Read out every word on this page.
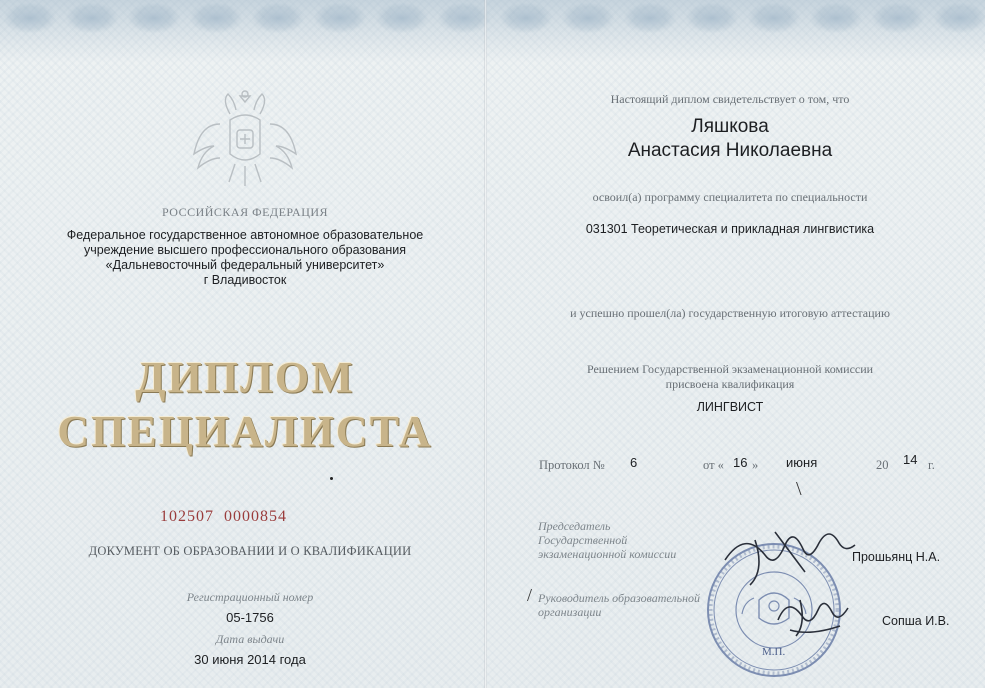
РОССИЙСКАЯ ФЕДЕРАЦИЯ
Федеральное государственное автономное образовательное
учреждение высшего профессионального образования
«Дальневосточный федеральный университет»
г Владивосток
ДИПЛОМ
СПЕЦИАЛИСТА
102507 0000854
ДОКУМЕНТ ОБ ОБРАЗОВАНИИ И О КВАЛИФИКАЦИИ
Регистрационный номер
05-1756
Дата выдачи
30 июня 2014 года
Настоящий диплом свидетельствует о том, что
Ляшкова
Анастасия Николаевна
освоил(а) программу специалитета по специальности
031301 Теоретическая и прикладная лингвистика
и успешно прошел(ла) государственную итоговую аттестацию
Решением Государственной экзаменационной комиссии
присвоена квалификация
ЛИНГВИСТ
Протокол № 6	от « 16 » июня	20 14 г.
\
Председатель
Государственной
экзаменационной комиссии	Прошьянц Н.А.
/ Руководитель образовательной
организации
Сопша И.В.
М.П.
